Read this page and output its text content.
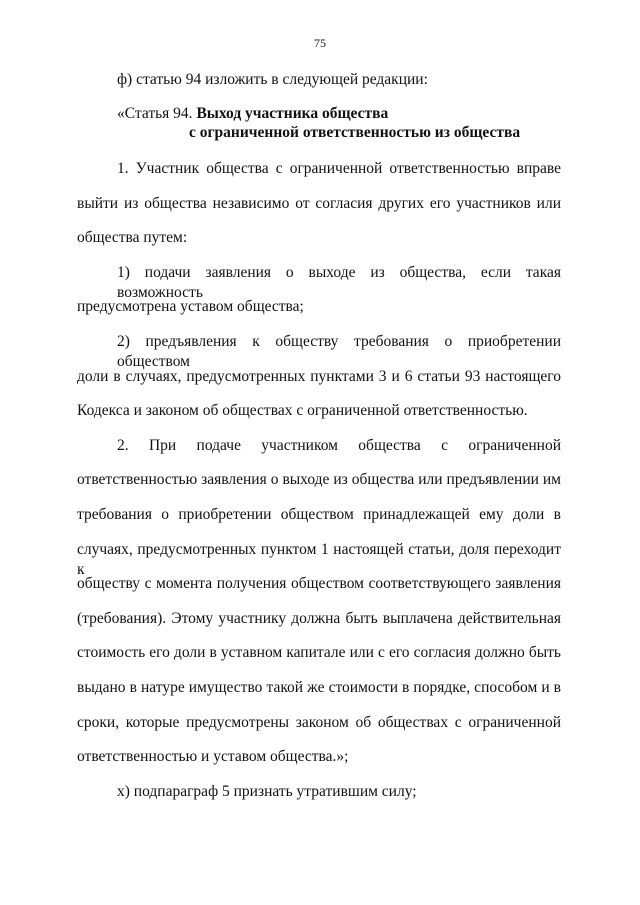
75
ф) статью 94 изложить в следующей редакции:
«Статья 94. Выход участника общества
с ограниченной ответственностью из общества
1. Участник общества с ограниченной ответственностью вправе
выйти из общества независимо от согласия других его участников или
общества путем:
1) подачи заявления о выходе из общества, если такая возможность
предусмотрена уставом общества;
2) предъявления к обществу требования о приобретении обществом
доли в случаях, предусмотренных пунктами 3 и 6 статьи 93 настоящего
Кодекса и законом об обществах с ограниченной ответственностью.
2. При подаче участником общества с ограниченной
ответственностью заявления о выходе из общества или предъявлении им
требования о приобретении обществом принадлежащей ему доли в
случаях, предусмотренных пунктом 1 настоящей статьи, доля переходит к
обществу с момента получения обществом соответствующего заявления
(требования). Этому участнику должна быть выплачена действительная
стоимость его доли в уставном капитале или с его согласия должно быть
выдано в натуре имущество такой же стоимости в порядке, способом и в
сроки, которые предусмотрены законом об обществах с ограниченной
ответственностью и уставом общества.»;
х) подпараграф 5 признать утратившим силу;
